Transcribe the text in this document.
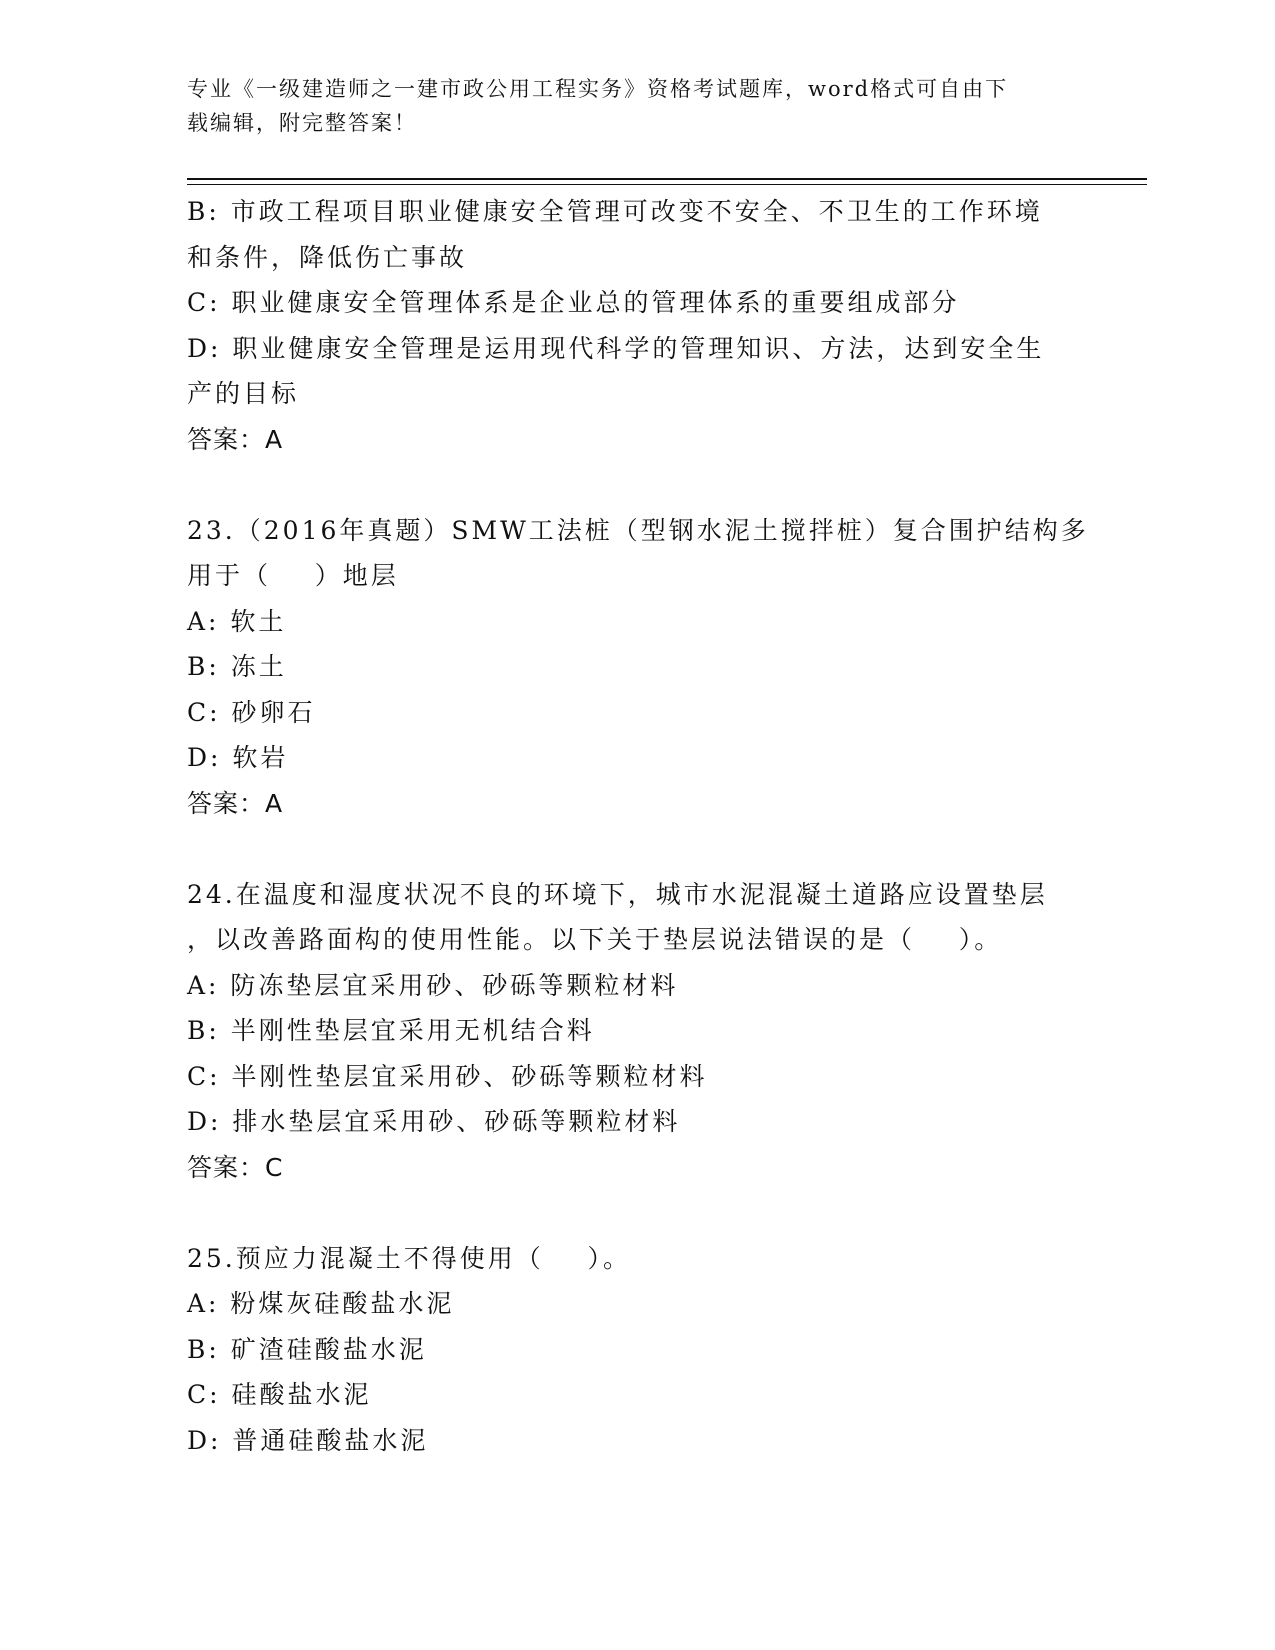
专业《一级建造师之一建市政公用工程实务》资格考试题库，word格式可自由下
载编辑，附完整答案！
B: 市政工程项目职业健康安全管理可改变不安全、不卫生的工作环境
和条件，降低伤亡事故
C: 职业健康安全管理体系是企业总的管理体系的重要组成部分
D: 职业健康安全管理是运用现代科学的管理知识、方法，达到安全生
产的目标
答案：A
23.（2016年真题）SMW工法桩（型钢水泥土搅拌桩）复合围护结构多
用于（    ）地层
A: 软土
B: 冻土
C: 砂卵石
D: 软岩
答案：A
24.在温度和湿度状况不良的环境下，城市水泥混凝土道路应设置垫层
，以改善路面构的使用性能。以下关于垫层说法错误的是（    ）。
A: 防冻垫层宜采用砂、砂砾等颗粒材料
B: 半刚性垫层宜采用无机结合料
C: 半刚性垫层宜采用砂、砂砾等颗粒材料
D: 排水垫层宜采用砂、砂砾等颗粒材料
答案：C
25.预应力混凝土不得使用（    ）。
A: 粉煤灰硅酸盐水泥
B: 矿渣硅酸盐水泥
C: 硅酸盐水泥
D: 普通硅酸盐水泥
